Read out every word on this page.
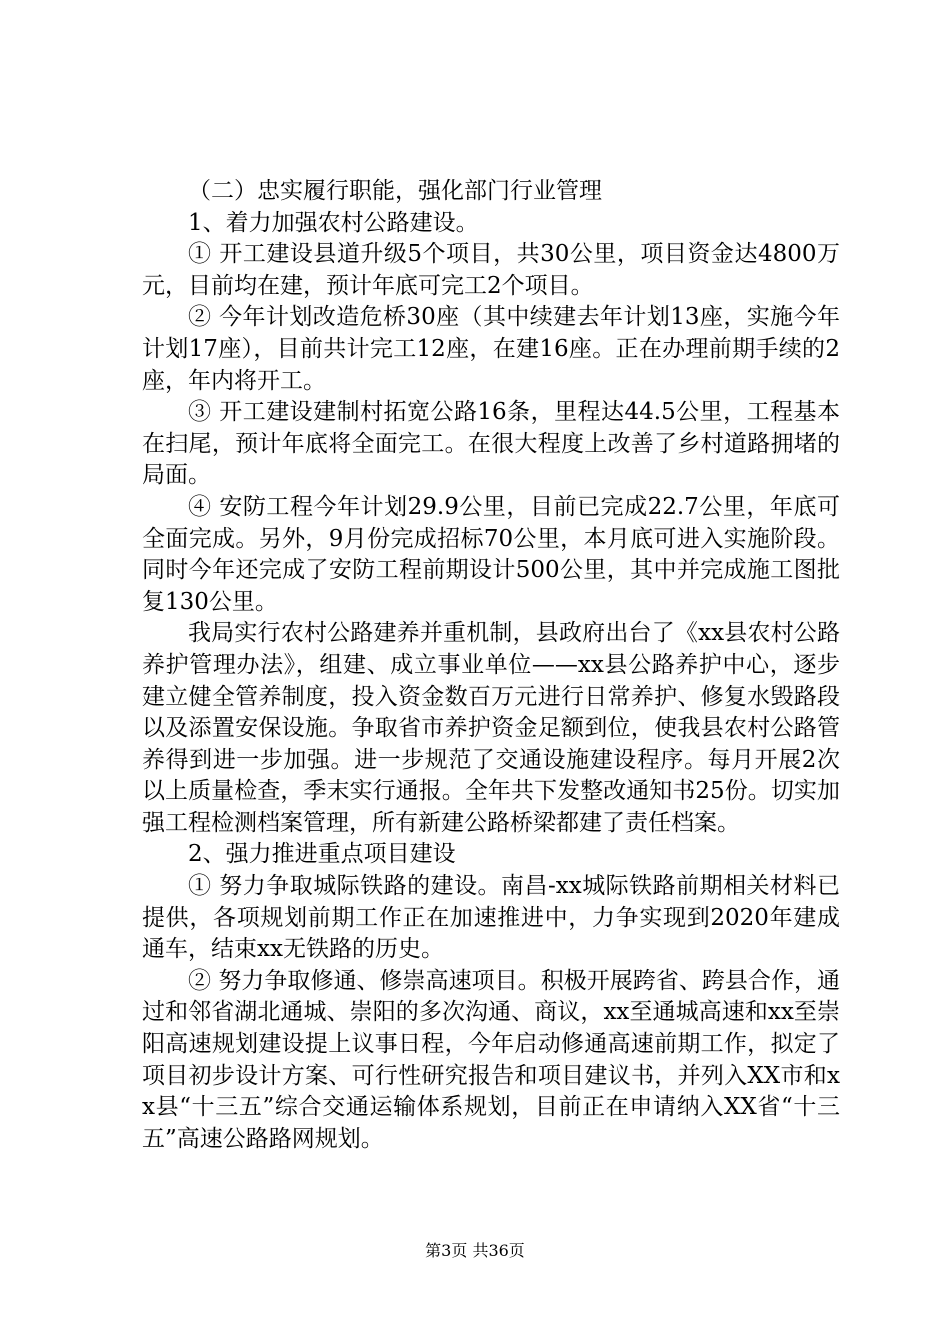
（二）忠实履行职能，强化部门行业管理

1、着力加强农村公路建设。

① 开工建设县道升级5个项目，共30公里，项目资金达4800万元，目前均在建，预计年底可完工2个项目。

② 今年计划改造危桥30座（其中续建去年计划13座，实施今年计划17座），目前共计完工12座，在建16座。正在办理前期手续的2座，年内将开工。

③ 开工建设建制村拓宽公路16条，里程达44.5公里，工程基本在扫尾，预计年底将全面完工。在很大程度上改善了乡村道路拥堵的局面。

④ 安防工程今年计划29.9公里，目前已完成22.7公里，年底可全面完成。另外，9月份完成招标70公里，本月底可进入实施阶段。同时今年还完成了安防工程前期设计500公里，其中并完成施工图批复130公里。

我局实行农村公路建养并重机制，县政府出台了《xx县农村公路养护管理办法》，组建、成立事业单位——xx县公路养护中心，逐步建立健全管养制度，投入资金数百万元进行日常养护、修复水毁路段以及添置安保设施。争取省市养护资金足额到位，使我县农村公路管养得到进一步加强。进一步规范了交通设施建设程序。每月开展2次以上质量检查，季末实行通报。全年共下发整改通知书25份。切实加强工程检测档案管理，所有新建公路桥梁都建了责任档案。

2、强力推进重点项目建设

① 努力争取城际铁路的建设。南昌-xx城际铁路前期相关材料已提供，各项规划前期工作正在加速推进中，力争实现到2020年建成通车，结束xx无铁路的历史。

② 努力争取修通、修崇高速项目。积极开展跨省、跨县合作，通过和邻省湖北通城、崇阳的多次沟通、商议，xx至通城高速和xx至崇阳高速规划建设提上议事日程，今年启动修通高速前期工作，拟定了项目初步设计方案、可行性研究报告和项目建议书，并列入XX市和xx县“十三五”综合交通运输体系规划，目前正在申请纳入XX省“十三五”高速公路路网规划。

第3页 共36页
